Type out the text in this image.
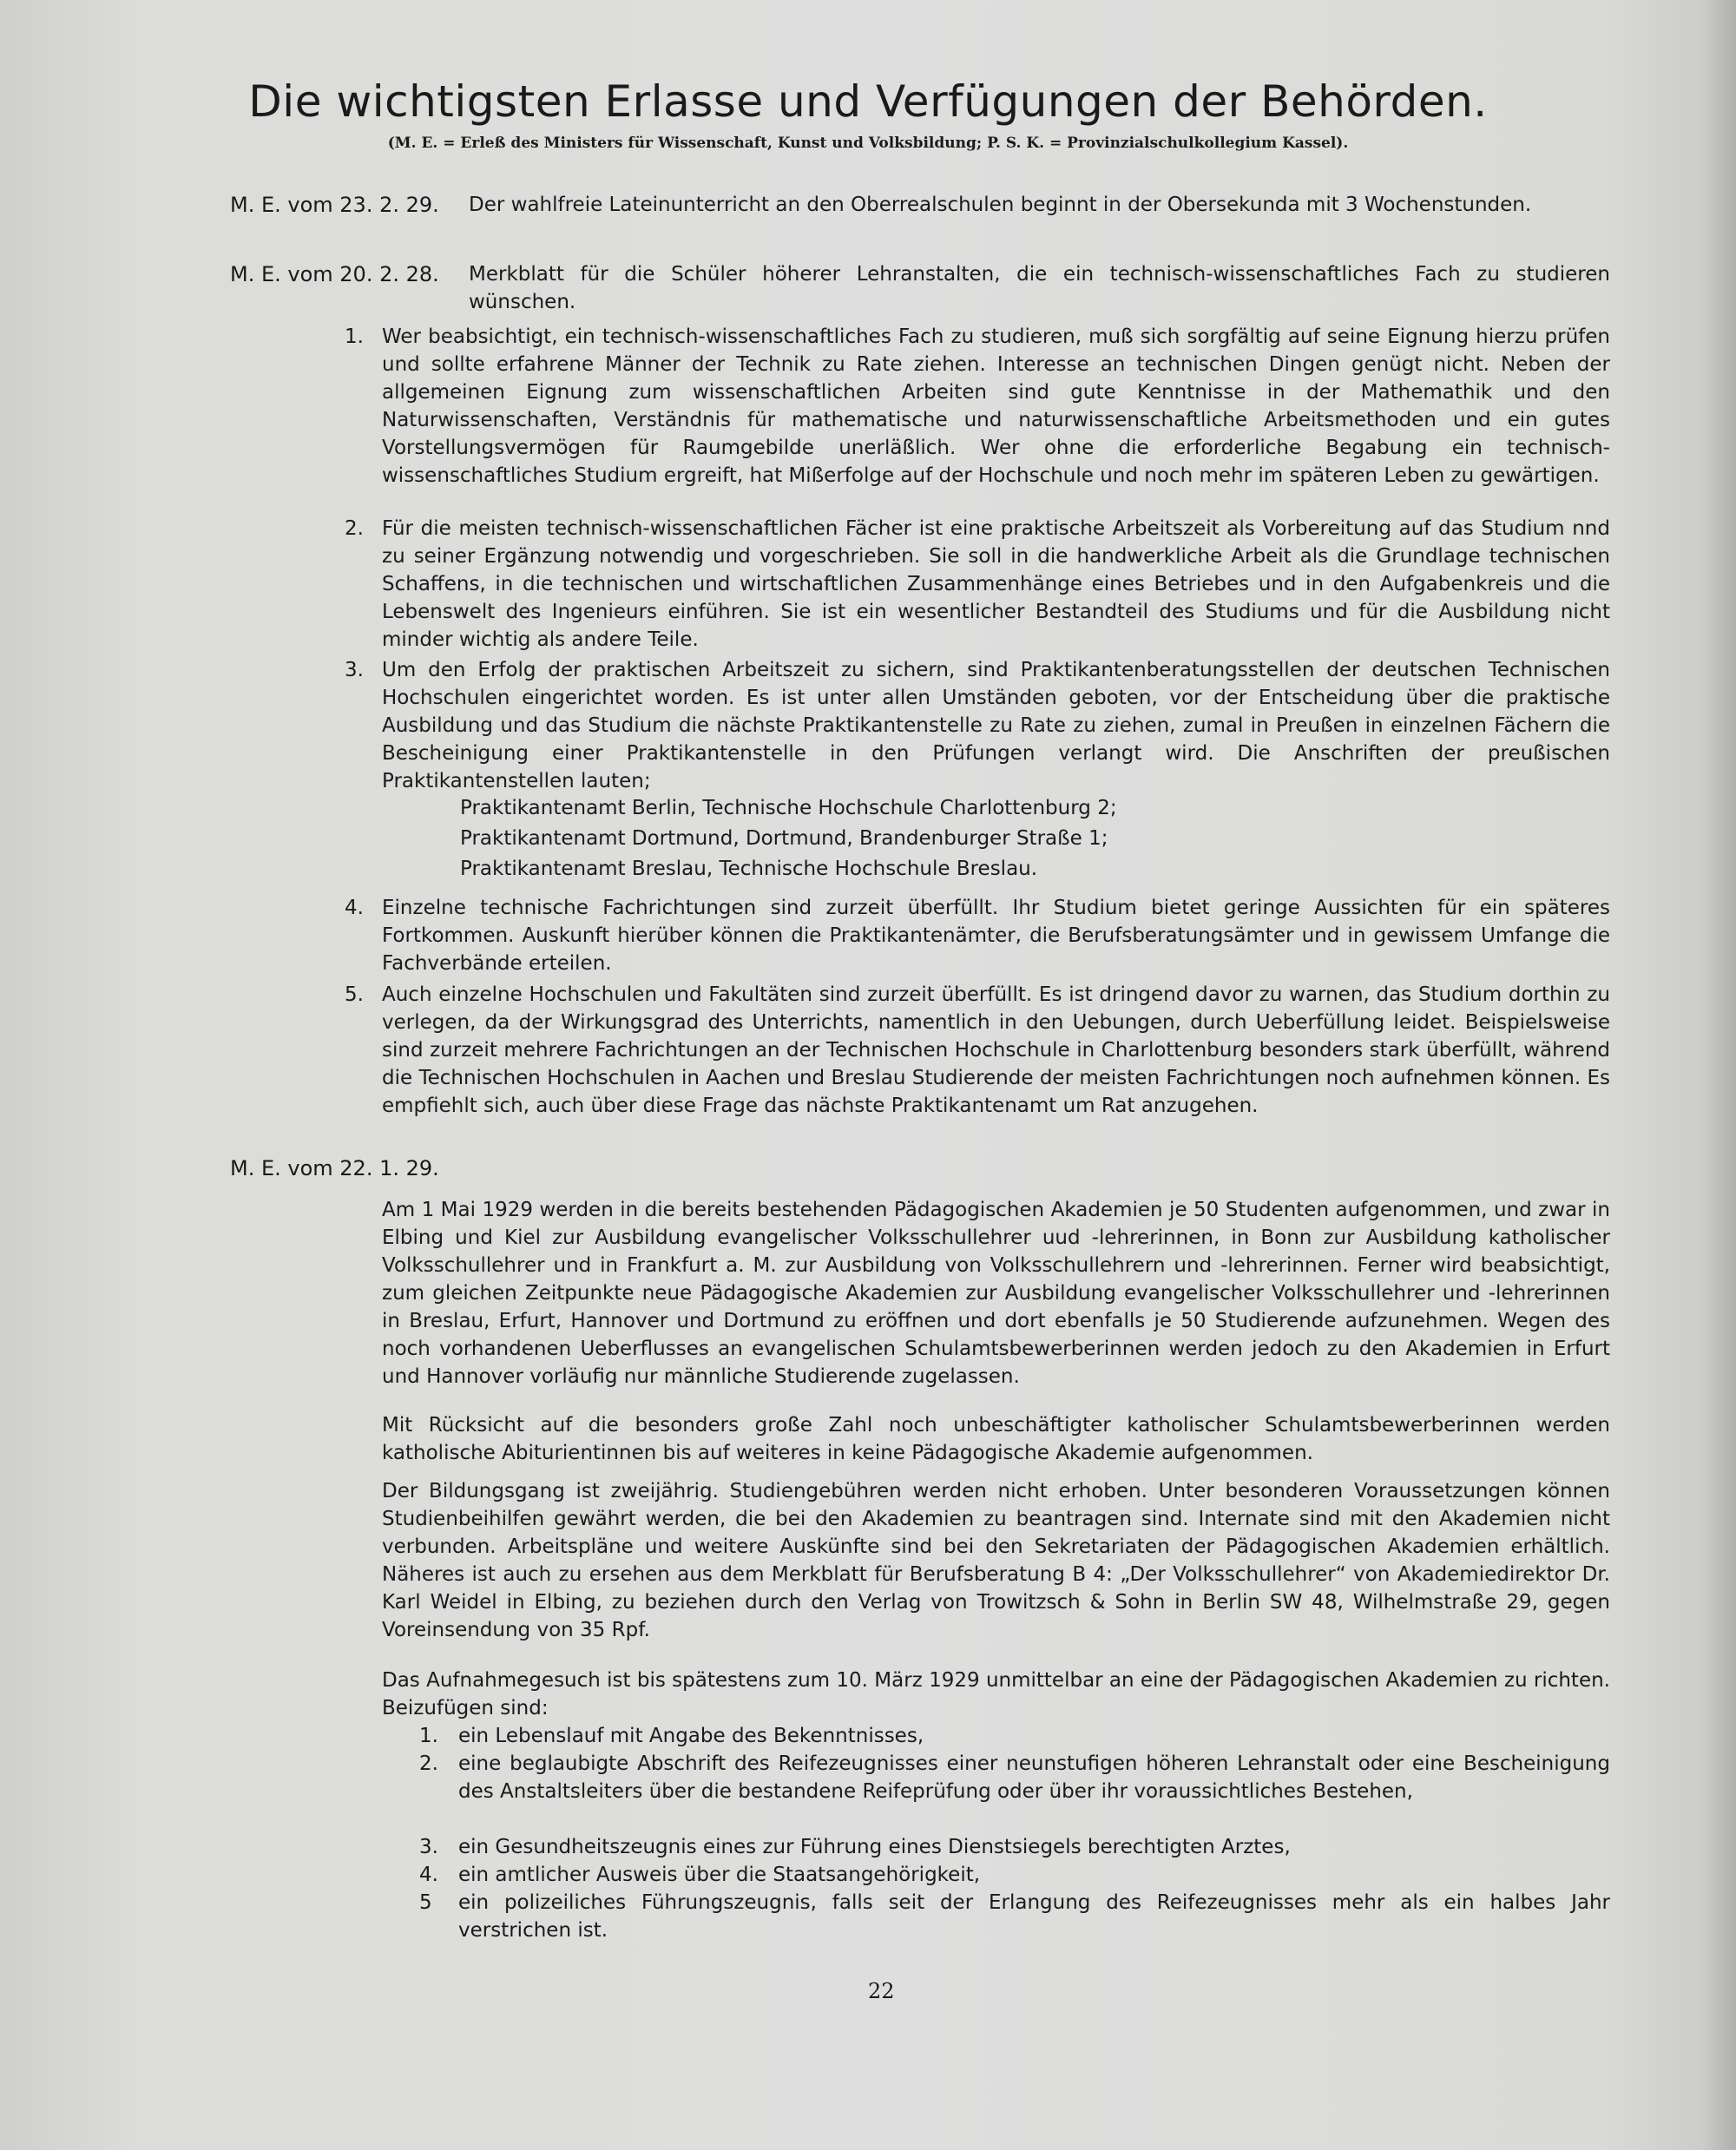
Die wichtigsten Erlasse und Verfügungen der Behörden.
(M. E. = Erleß des Ministers für Wissenschaft, Kunst und Volksbildung; P. S. K. = Provinzialschulkollegium Kassel).
M. E. vom 23. 2. 29. Der wahlfreie Lateinunterricht an den Oberrealschulen beginnt in der Obersekunda mit 3 Wochenstunden.
M. E. vom 20. 2. 28. Merkblatt für die Schüler höherer Lehranstalten, die ein technisch-wissenschaftliches Fach zu studieren wünschen.
1. Wer beabsichtigt, ein technisch-wissenschaftliches Fach zu studieren, muß sich sorgfältig auf seine Eignung hierzu prüfen und sollte erfahrene Männer der Technik zu Rate ziehen. Interesse an technischen Dingen genügt nicht. Neben der allgemeinen Eignung zum wissenschaftlichen Arbeiten sind gute Kenntnisse in der Mathemathik und den Naturwissenschaften, Verständnis für mathematische und naturwissenschaftliche Arbeitsmethoden und ein gutes Vorstellungsvermögen für Raumgebilde unerläßlich. Wer ohne die erforderliche Begabung ein technisch-wissenschaftliches Studium ergreift, hat Mißerfolge auf der Hochschule und noch mehr im späteren Leben zu gewärtigen.
2. Für die meisten technisch-wissenschaftlichen Fächer ist eine praktische Arbeitszeit als Vorbereitung auf das Studium nnd zu seiner Ergänzung notwendig und vorgeschrieben. Sie soll in die handwerkliche Arbeit als die Grundlage technischen Schaffens, in die technischen und wirtschaftlichen Zusammenhänge eines Betriebes und in den Aufgabenkreis und die Lebenswelt des Ingenieurs einführen. Sie ist ein wesentlicher Bestandteil des Studiums und für die Ausbildung nicht minder wichtig als andere Teile.
3. Um den Erfolg der praktischen Arbeitszeit zu sichern, sind Praktikantenberatungsstellen der deutschen Technischen Hochschulen eingerichtet worden. Es ist unter allen Umständen geboten, vor der Entscheidung über die praktische Ausbildung und das Studium die nächste Praktikantenstelle zu Rate zu ziehen, zumal in Preußen in einzelnen Fächern die Bescheinigung einer Praktikantenstelle in den Prüfungen verlangt wird. Die Anschriften der preußischen Praktikantenstellen lauten;
Praktikantenamt Berlin, Technische Hochschule Charlottenburg 2;
Praktikantenamt Dortmund, Dortmund, Brandenburger Straße 1;
Praktikantenamt Breslau, Technische Hochschule Breslau.
4. Einzelne technische Fachrichtungen sind zurzeit überfüllt. Ihr Studium bietet geringe Aussichten für ein späteres Fortkommen. Auskunft hierüber können die Praktikantenämter, die Berufsberatungsämter und in gewissem Umfange die Fachverbände erteilen.
5. Auch einzelne Hochschulen und Fakultäten sind zurzeit überfüllt. Es ist dringend davor zu warnen, das Studium dorthin zu verlegen, da der Wirkungsgrad des Unterrichts, namentlich in den Uebungen, durch Ueberfüllung leidet. Beispielsweise sind zurzeit mehrere Fachrichtungen an der Technischen Hochschule in Charlottenburg besonders stark überfüllt, während die Technischen Hochschulen in Aachen und Breslau Studierende der meisten Fachrichtungen noch aufnehmen können. Es empfiehlt sich, auch über diese Frage das nächste Praktikantenamt um Rat anzugehen.
M. E. vom 22. 1. 29.
Am 1 Mai 1929 werden in die bereits bestehenden Pädagogischen Akademien je 50 Studenten aufgenommen, und zwar in Elbing und Kiel zur Ausbildung evangelischer Volksschullehrer uud -lehrerinnen, in Bonn zur Ausbildung katholischer Volksschullehrer und in Frankfurt a. M. zur Ausbildung von Volksschullehrern und -lehrerinnen. Ferner wird beabsichtigt, zum gleichen Zeitpunkte neue Pädagogische Akademien zur Ausbildung evangelischer Volksschullehrer und -lehrerinnen in Breslau, Erfurt, Hannover und Dortmund zu eröffnen und dort ebenfalls je 50 Studierende aufzunehmen. Wegen des noch vorhandenen Ueberflusses an evangelischen Schulamtsbewerberinnen werden jedoch zu den Akademien in Erfurt und Hannover vorläufig nur männliche Studierende zugelassen.
Mit Rücksicht auf die besonders große Zahl noch unbeschäftigter katholischer Schulamtsbewerberinnen werden katholische Abiturientinnen bis auf weiteres in keine Pädagogische Akademie aufgenommen.
Der Bildungsgang ist zweijährig. Studiengebühren werden nicht erhoben. Unter besonderen Voraussetzungen können Studienbeihilfen gewährt werden, die bei den Akademien zu beantragen sind. Internate sind mit den Akademien nicht verbunden. Arbeitspläne und weitere Auskünfte sind bei den Sekretariaten der Pädagogischen Akademien erhältlich. Näheres ist auch zu ersehen aus dem Merkblatt für Berufsberatung B 4: „Der Volksschullehrer“ von Akademiedirektor Dr. Karl Weidel in Elbing, zu beziehen durch den Verlag von Trowitzsch & Sohn in Berlin SW 48, Wilhelmstraße 29, gegen Voreinsendung von 35 Rpf.
Das Aufnahmegesuch ist bis spätestens zum 10. März 1929 unmittelbar an eine der Pädagogischen Akademien zu richten. Beizufügen sind:
1. ein Lebenslauf mit Angabe des Bekenntnisses,
2. eine beglaubigte Abschrift des Reifezeugnisses einer neunstufigen höheren Lehranstalt oder eine Bescheinigung des Anstaltsleiters über die bestandene Reifeprüfung oder über ihr voraussichtliches Bestehen,
3. ein Gesundheitszeugnis eines zur Führung eines Dienstsiegels berechtigten Arztes,
4. ein amtlicher Ausweis über die Staatsangehörigkeit,
5 ein polizeiliches Führungszeugnis, falls seit der Erlangung des Reifezeugnisses mehr als ein halbes Jahr verstrichen ist.
22
